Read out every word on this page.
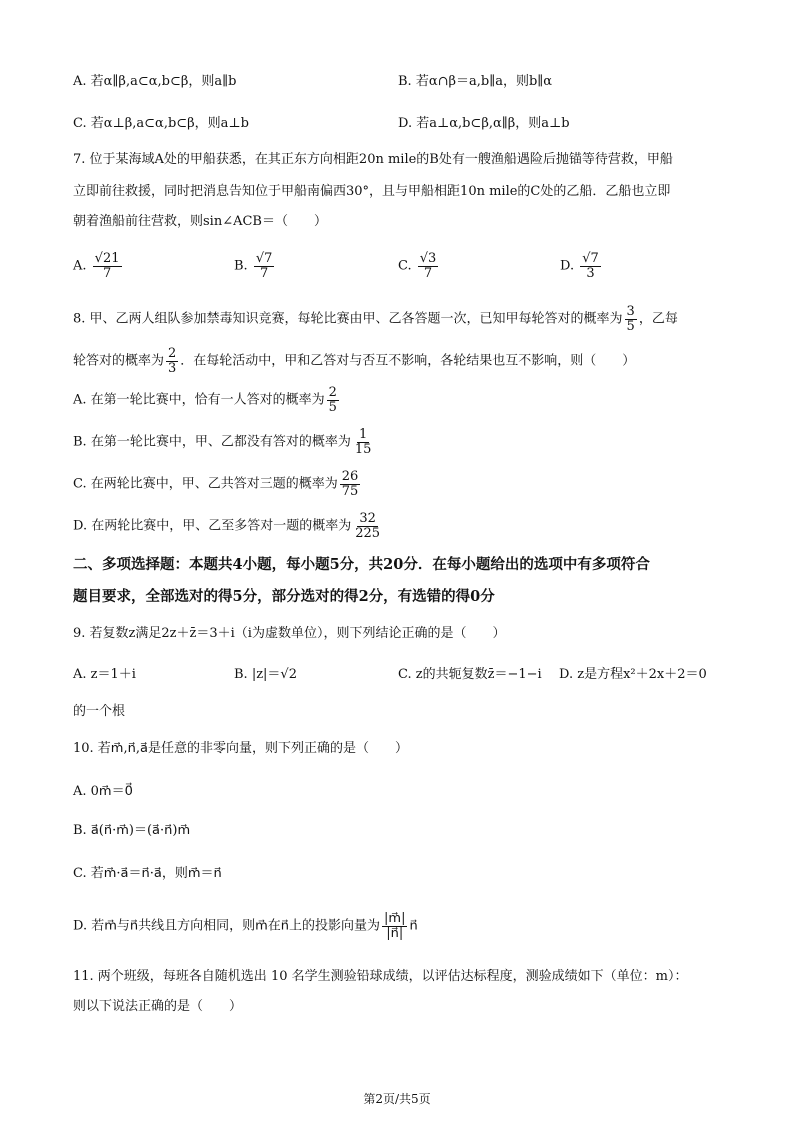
A. 若α∥β,a⊂α,b⊂β，则a∥b	B. 若α∩β＝a,b∥a，则b∥α
C. 若α⊥β,a⊂α,b⊂β，则a⊥b	D. 若a⊥α,b⊂β,α∥β，则a⊥b
7. 位于某海域A处的甲船获悉，在其正东方向相距20n mile的B处有一艘渔船遇险后抛锚等待营救，甲船
立即前往救援，同时把消息告知位于甲船南偏西30°，且与甲船相距10n mile的C处的乙船．乙船也立即
朝着渔船前往营救，则sin∠ACB＝（　　）
A. $\frac{√21}{7}$	B. $\frac{√7}{7}$	C. $\frac{√3}{7}$	D. $\frac{√7}{3}$
8. 甲、乙两人组队参加禁毒知识竞赛，每轮比赛由甲、乙各答题一次，已知甲每轮答对的概率为 $\frac{3}{5}$ ，乙每
轮答对的概率为 $\frac{2}{3}$ ．在每轮活动中，甲和乙答对与否互不影响，各轮结果也互不影响，则（　　）
A. 在第一轮比赛中，恰有一人答对的概率为 $\frac{2}{5}$
B. 在第一轮比赛中，甲、乙都没有答对的概率为 $\frac{1}{15}$
C. 在两轮比赛中，甲、乙共答对三题的概率为 $\frac{26}{75}$
D. 在两轮比赛中，甲、乙至多答对一题的概率为 $\frac{32}{225}$
二、多项选择题：本题共4小题，每小题5分，共20分．在每小题给出的选项中有多项符合
题目要求，全部选对的得5分，部分选对的得2分，有选错的得0分
9. 若复数z满足2z＋z̄＝3＋i（i为虚数单位），则下列结论正确的是（　　）
A. z＝1＋i	B. |z|＝√2	C. z的共轭复数z̄＝−1−i D. z是方程x²＋2x＋2＝0
的一个根
10. 若m⃗,n⃗,a⃗是任意的非零向量，则下列正确的是（　　）
A. 0m⃗＝0⃗
B. a⃗(n⃗·m⃗)＝(a⃗·n⃗)m⃗
C. 若m⃗·a⃗＝n⃗·a⃗，则m⃗＝n⃗
D. 若m⃗与n⃗共线且方向相同，则m⃗在n⃗上的投影向量为 $\frac{|m⃗|}{|n⃗|}$ n⃗
11. 两个班级，每班各自随机选出 10 名学生测验铅球成绩，以评估达标程度，测验成绩如下（单位：m）：
则以下说法正确的是（　　）
第2页/共5页
